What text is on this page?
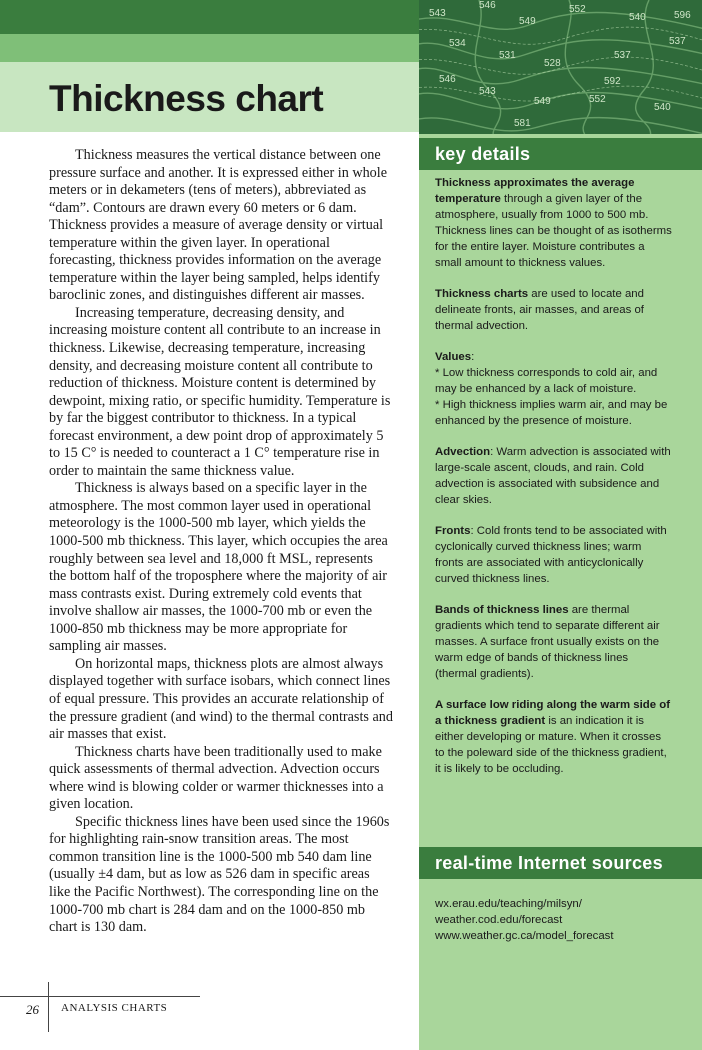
Thickness chart
543
546
549
552
540
537
534
531
528
537
546
543
549	552
540
596
592
581
key details

Thickness approximates the average temperature through a given layer of the atmosphere, usually from 1000 to 500 mb. Thickness lines can be thought of as isotherms for the entire layer. Moisture contributes a small amount to thickness values.

Thickness charts are used to locate and delineate fronts, air masses, and areas of thermal advection.

Values:
* Low thickness corresponds to cold air, and may be enhanced by a lack of moisture.
* High thickness implies warm air, and may be enhanced by the presence of moisture.

Advection: Warm advection is associated with large-scale ascent, clouds, and rain. Cold advection is associated with subsidence and clear skies.

Fronts: Cold fronts tend to be associated with cyclonically curved thickness lines; warm fronts are associated with anticyclonically curved thickness lines.

Bands of thickness lines are thermal gradients which tend to separate different air masses. A surface front usually exists on the warm edge of bands of thickness lines (thermal gradients).

A surface low riding along the warm side of a thickness gradient is an indication it is either developing or mature. When it crosses to the poleward side of the thickness gradient, it is likely to be occluding.

real-time Internet sources
wx.erau.edu/teaching/milsyn/
weather.cod.edu/forecast
www.weather.gc.ca/model_forecast

Thickness measures the vertical distance between one pressure surface and another. It is expressed either in whole meters or in dekameters (tens of meters), abbreviated as “dam”. Contours are drawn every 60 meters or 6 dam. Thickness provides a measure of average density or virtual temperature within the given layer. In operational forecasting, thickness provides information on the average temperature within the layer being sampled, helps identify baroclinic zones, and distinguishes different air masses.

Increasing temperature, decreasing density, and increasing moisture content all contribute to an increase in thickness. Likewise, decreasing temperature, increasing density, and decreasing moisture content all contribute to reduction of thickness. Moisture content is determined by dewpoint, mixing ratio, or specific humidity. Temperature is by far the biggest contributor to thickness. In a typical forecast environment, a dew point drop of approximately 5 to 15 C° is needed to counteract a 1 C° temperature rise in order to maintain the same thickness value.

Thickness is always based on a specific layer in the atmosphere. The most common layer used in operational meteorology is the 1000-500 mb layer, which yields the 1000-500 mb thickness. This layer, which occupies the area roughly between sea level and 18,000 ft MSL, represents the bottom half of the troposphere where the majority of air mass contrasts exist. During extremely cold events that involve shallow air masses, the 1000-700 mb or even the 1000-850 mb thickness may be more appropriate for sampling air masses.

On horizontal maps, thickness plots are almost always displayed together with surface isobars, which connect lines of equal pressure. This provides an accurate relationship of the pressure gradient (and wind) to the thermal contrasts and air masses that exist.

Thickness charts have been traditionally used to make quick assessments of thermal advection. Advection occurs where wind is blowing colder or warmer thicknesses into a given location.

Specific thickness lines have been used since the 1960s for highlighting rain-snow transition areas. The most common transition line is the 1000-500 mb 540 dam line (usually ±4 dam, but as low as 526 dam in specific areas like the Pacific Northwest). The corresponding line on the 1000-700 mb chart is 284 dam and on the 1000-850 mb chart is 130 dam.

26 ANALYSIS CHARTS
